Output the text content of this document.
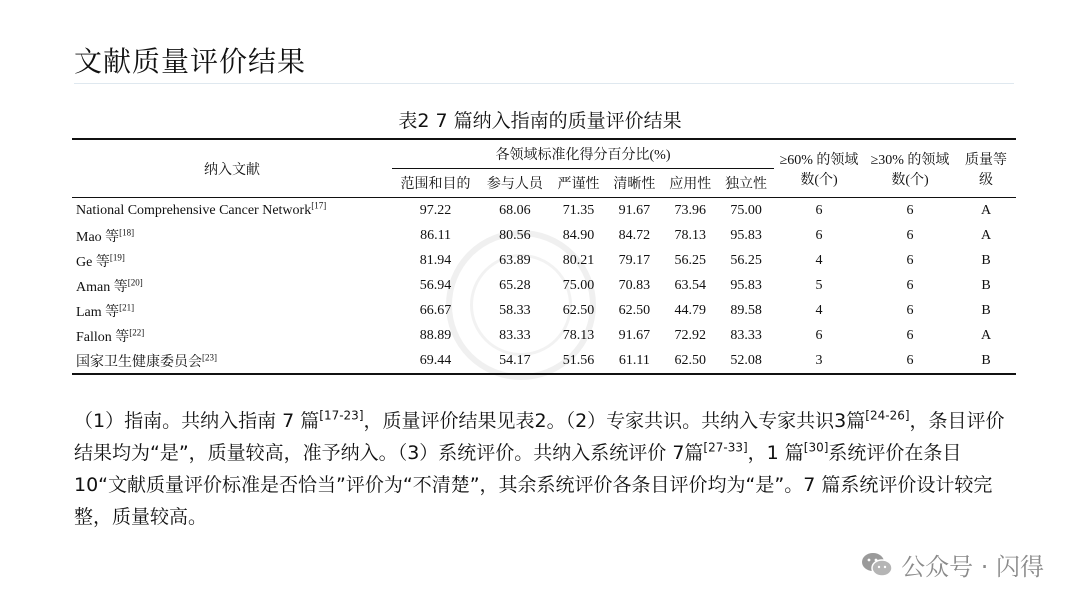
文献质量评价结果
表2 7 篇纳入指南的质量评价结果
纳入文献	各领域标准化得分百分比(%)						≥60% 的领域数(个)	≥30% 的领域数(个)	质量等级
	范围和目的	参与人员	严谨性	清晰性	应用性	独立性			
National Comprehensive Cancer Network[17]	97.22	68.06	71.35	91.67	73.96	75.00	6	6	A
Mao 等[18]	86.11	80.56	84.90	84.72	78.13	95.83	6	6	A
Ge 等[19]	81.94	63.89	80.21	79.17	56.25	56.25	4	6	B
Aman 等[20]	56.94	65.28	75.00	70.83	63.54	95.83	5	6	B
Lam 等[21]	66.67	58.33	62.50	62.50	44.79	89.58	4	6	B
Fallon 等[22]	88.89	83.33	78.13	91.67	72.92	83.33	6	6	A
国家卫生健康委员会[23]	69.44	54.17	51.56	61.11	62.50	52.08	3	6	B
（1）指南。共纳入指南 7 篇[17-23]，质量评价结果见表2。（2）专家共识。共纳入专家共识3篇[24-26]，条目评价结果均为“是”，质量较高，准予纳入。（3）系统评价。共纳入系统评价 7篇[27-33]，1 篇[30]系统评价在条目 10“文献质量评价标准是否恰当”评价为“不清楚”，其余系统评价各条目评价均为“是”。7 篇系统评价设计较完整，质量较高。
公众号 · 闪得
